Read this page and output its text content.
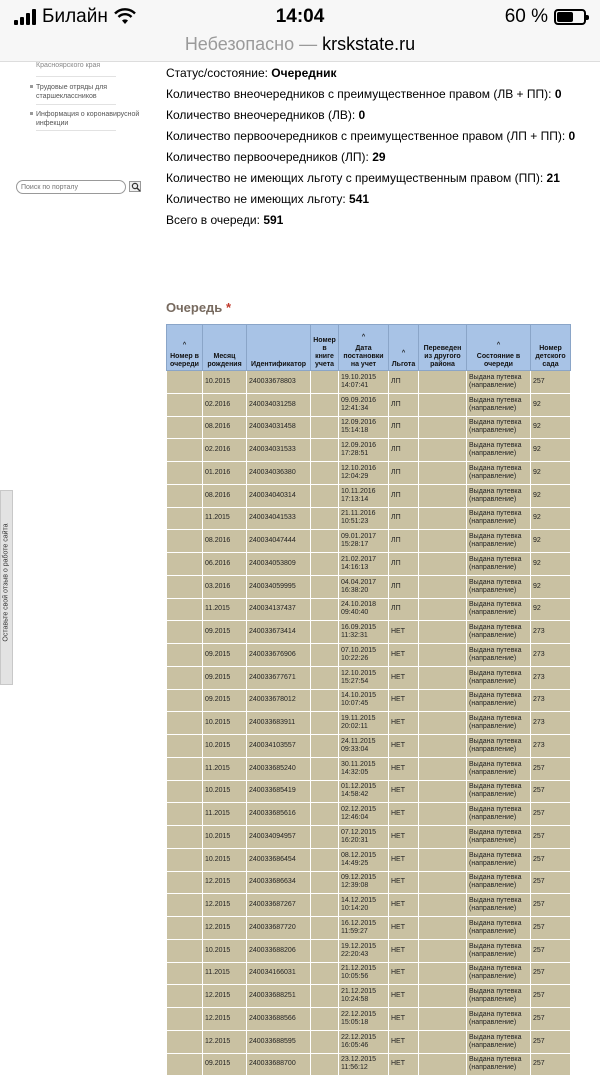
Билайн	14:04	60 %
Небезопасно — krskstate.ru
Красноярского края
Трудовые отряды для старшеклассников
Информация о коронавирусной инфекции
Поиск по порталу
Оставьте свой отзыв о работе сайта
Статус/состояние: Очередник
Количество внеочередников с преимущественное правом (ЛВ + ПП): 0
Количество внеочередников (ЛВ): 0
Количество первоочередников с преимущественное правом (ЛП + ПП): 0
Количество первоочередников (ЛП): 29
Количество не имеющих льготу с преимущественным правом (ПП): 21
Количество не имеющих льготу: 541
Всего в очереди: 591
Очередь *
^
Номер в очереди	Месяц рождения	Идентификатор	Номер в книге учета	^
Дата постановки на учет	^
Льгота	Переведен из другого района	^
Состояние в очереди	Номер детского сада
	10.2015	240033678803		19.10.2015 14:07:41	ЛП		Выдана путевка (направление)	257
	02.2016	240034031258		09.09.2016 12:41:34	ЛП		Выдана путевка (направление)	92
	08.2016	240034031458		12.09.2016 15:14:18	ЛП		Выдана путевка (направление)	92
	02.2016	240034031533		12.09.2016 17:28:51	ЛП		Выдана путевка (направление)	92
	01.2016	240034036380		12.10.2016 12:04:29	ЛП		Выдана путевка (направление)	92
	08.2016	240034040314		10.11.2016 17:13:14	ЛП		Выдана путевка (направление)	92
	11.2015	240034041533		21.11.2016 10:51:23	ЛП		Выдана путевка (направление)	92
	08.2016	240034047444		09.01.2017 15:28:17	ЛП		Выдана путевка (направление)	92
	06.2016	240034053809		21.02.2017 14:16:13	ЛП		Выдана путевка (направление)	92
	03.2016	240034059995		04.04.2017 16:38:20	ЛП		Выдана путевка (направление)	92
	11.2015	240034137437		24.10.2018 09:40:40	ЛП		Выдана путевка (направление)	92
	09.2015	240033673414		16.09.2015 11:32:31	НЕТ		Выдана путевка (направление)	273
	09.2015	240033676906		07.10.2015 10:22:26	НЕТ		Выдана путевка (направление)	273
	09.2015	240033677671		12.10.2015 15:27:54	НЕТ		Выдана путевка (направление)	273
	09.2015	240033678012		14.10.2015 10:07:45	НЕТ		Выдана путевка (направление)	273
	10.2015	240033683911		19.11.2015 20:02:11	НЕТ		Выдана путевка (направление)	273
	10.2015	240034103557		24.11.2015 09:33:04	НЕТ		Выдана путевка (направление)	273
	11.2015	240033685240		30.11.2015 14:32:05	НЕТ		Выдана путевка (направление)	257
	10.2015	240033685419		01.12.2015 14:58:42	НЕТ		Выдана путевка (направление)	257
	11.2015	240033685616		02.12.2015 12:46:04	НЕТ		Выдана путевка (направление)	257
	10.2015	240034094957		07.12.2015 16:20:31	НЕТ		Выдана путевка (направление)	257
	10.2015	240033686454		08.12.2015 14:49:25	НЕТ		Выдана путевка (направление)	257
	12.2015	240033686634		09.12.2015 12:39:08	НЕТ		Выдана путевка (направление)	257
	12.2015	240033687267		14.12.2015 10:14:20	НЕТ		Выдана путевка (направление)	257
	12.2015	240033687720		16.12.2015 11:59:27	НЕТ		Выдана путевка (направление)	257
	10.2015	240033688206		19.12.2015 22:20:43	НЕТ		Выдана путевка (направление)	257
	11.2015	240034166031		21.12.2015 10:05:56	НЕТ		Выдана путевка (направление)	257
	12.2015	240033688251		21.12.2015 10:24:58	НЕТ		Выдана путевка (направление)	257
	12.2015	240033688566		22.12.2015 15:05:18	НЕТ		Выдана путевка (направление)	257
	12.2015	240033688595		22.12.2015 16:05:46	НЕТ		Выдана путевка (направление)	257
	09.2015	240033688700		23.12.2015 11:56:12	НЕТ		Выдана путевка (направление)	257
